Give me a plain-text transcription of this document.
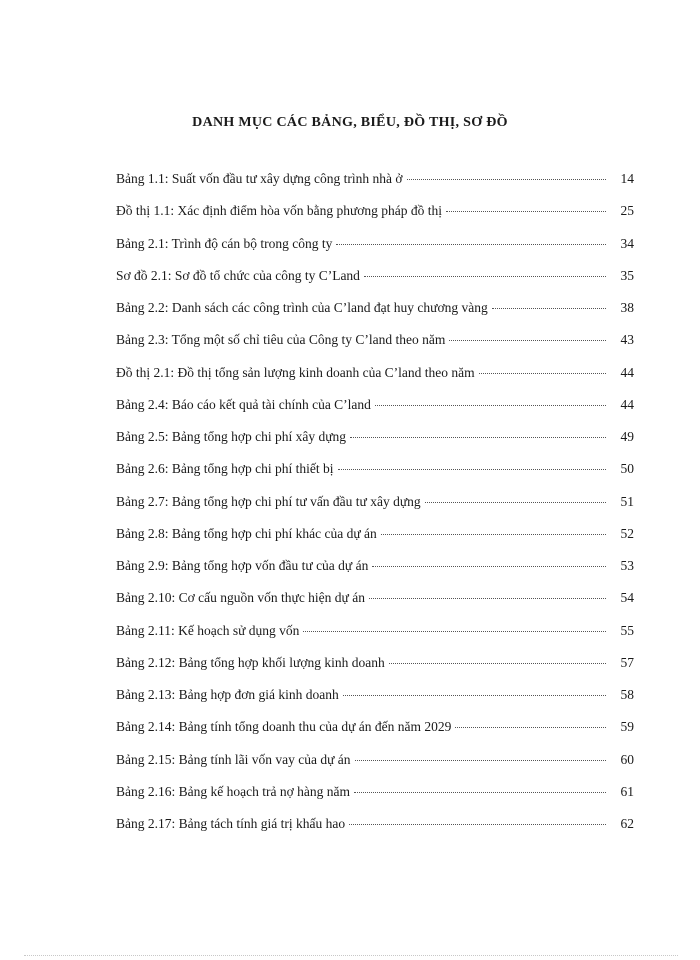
DANH MỤC CÁC BẢNG, BIỂU, ĐỒ THỊ, SƠ ĐỒ
Bảng 1.1: Suất vốn đầu tư xây dựng công trình nhà ở	14
Đồ thị 1.1: Xác định điểm hòa vốn bằng phương pháp đồ thị	25
Bảng 2.1: Trình độ cán bộ trong công ty	34
Sơ đồ 2.1: Sơ đồ tổ chức của công ty C’Land	35
Bảng 2.2: Danh sách các công trình của C’land đạt huy chương vàng	38
Bảng 2.3: Tổng một số chỉ tiêu của Công ty C’land theo năm	43
Đồ thị 2.1: Đồ thị tổng sản lượng kinh doanh của C’land theo năm	44
Bảng 2.4: Báo cáo kết quả tài chính của C’land	44
Bảng 2.5: Bảng tổng hợp chi phí xây dựng	49
Bảng 2.6: Bảng tổng hợp chi phí thiết bị	50
Bảng 2.7: Bảng tổng hợp chi phí tư vấn đầu tư xây dựng	51
Bảng 2.8: Bảng tổng hợp chi phí khác của dự án	52
Bảng 2.9: Bảng tổng hợp vốn đầu tư của dự án	53
Bảng 2.10: Cơ cấu nguồn vốn thực hiện dự án	54
Bảng 2.11: Kế hoạch sử dụng vốn	55
Bảng 2.12: Bảng tổng hợp khối lượng kinh doanh	57
Bảng 2.13: Bảng hợp đơn giá kinh doanh	58
Bảng 2.14: Bảng tính tổng doanh thu của dự án đến năm 2029	59
Bảng 2.15: Bảng tính lãi vốn vay của dự án	60
Bảng 2.16: Bảng kế hoạch trả nợ hàng năm	61
Bảng 2.17: Bảng tách tính giá trị khấu hao	62
